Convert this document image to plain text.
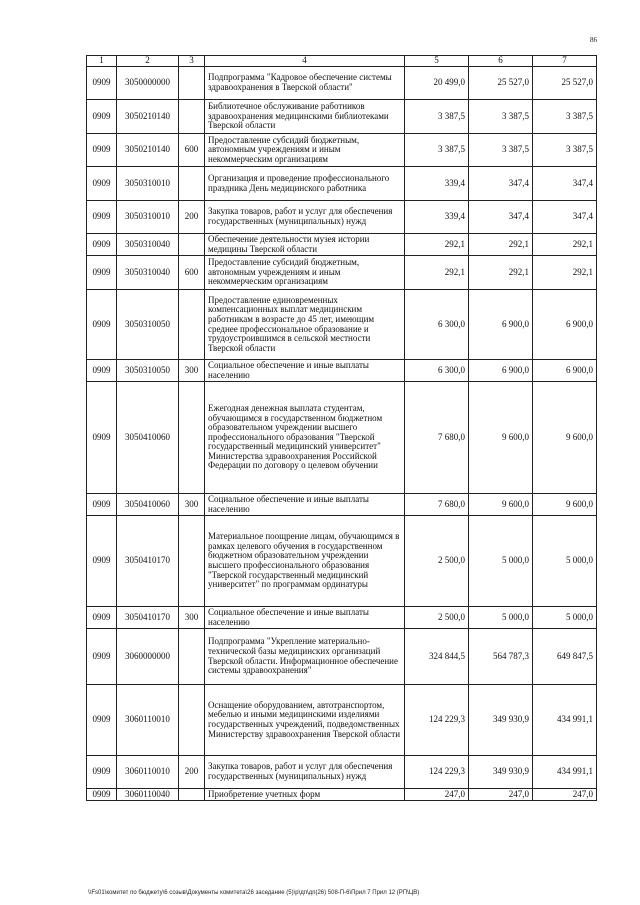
86
1	2	3	4	5	6	7
0909	3050000000		Подпрограмма "Кадровое обеспечение системы здравоохранения в Тверской области"	20 499,0	25 527,0	25 527,0
0909	3050210140		Библиотечное обслуживание работников здравоохранения медицинскими библиотеками Тверской области	3 387,5	3 387,5	3 387,5
0909	3050210140	600	Предоставление субсидий бюджетным, автономным учреждениям и иным некоммерческим организациям	3 387,5	3 387,5	3 387,5
0909	3050310010		Организация и проведение профессионального праздника День медицинского работника	339,4	347,4	347,4
0909	3050310010	200	Закупка товаров, работ и услуг для обеспечения государственных (муниципальных) нужд	339,4	347,4	347,4
0909	3050310040		Обеспечение деятельности музея истории медицины Тверской области	292,1	292,1	292,1
0909	3050310040	600	Предоставление субсидий бюджетным, автономным учреждениям и иным некоммерческим организациям	292,1	292,1	292,1
0909	3050310050		Предоставление единовременных компенсационных выплат медицинским работникам в возрасте до 45 лет, имеющим среднее профессиональное образование и трудоустроившимся в сельской местности Тверской области	6 300,0	6 900,0	6 900,0
0909	3050310050	300	Социальное обеспечение и иные выплаты населению	6 300,0	6 900,0	6 900,0
0909	3050410060		Ежегодная денежная выплата студентам, обучающимся в государственном бюджетном образовательном учреждении высшего профессионального образования "Тверской государственный медицинский университет" Министерства здравоохранения Российской Федерации по договору о целевом обучении	7 680,0	9 600,0	9 600,0
0909	3050410060	300	Социальное обеспечение и иные выплаты населению	7 680,0	9 600,0	9 600,0
0909	3050410170		Материальное поощрение лицам, обучающимся в рамках целевого обучения в государственном бюджетном образовательном учреждении высшего профессионального образования "Тверской государственный медицинский университет" по программам ординатуры	2 500,0	5 000,0	5 000,0
0909	3050410170	300	Социальное обеспечение и иные выплаты населению	2 500,0	5 000,0	5 000,0
0909	3060000000		Подпрограмма "Укрепление материально-технической базы медицинских организаций Тверской области. Информационное обеспечение системы здравоохранения"	324 844,5	564 787,3	649 847,5
0909	3060110010		Оснащение оборудованием, автотранспортом, мебелью и иными медицинскими изделиями государственных учреждений, подведомственных Министерству здравоохранения Тверской области	124 229,3	349 930,9	434 991,1
0909	3060110010	200	Закупка товаров, работ и услуг для обеспечения государственных (муниципальных) нужд	124 229,3	349 930,9	434 991,1
0909	3060110040		Приобретение учетных форм	247,0	247,0	247,0
\\Fs01\комитет по бюджету\6 созыв\Документы комитета\26 заседание (5)\р\дп\дп(26) 508-П-6\Прил 7 Прил 12 (РП\ЦВ)
